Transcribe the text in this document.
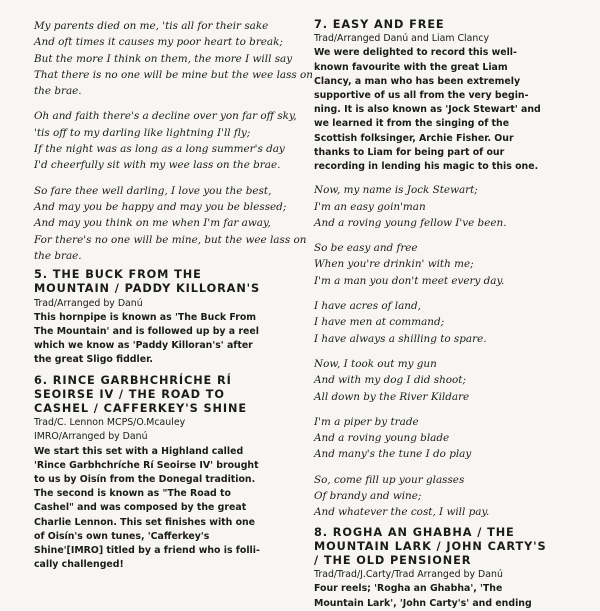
My parents died on me, 'tis all for their sake
And oft times it causes my poor heart to break;
But the more I think on them, the more I will say
That there is no one will be mine but the wee lass on
the brae.

Oh and faith there's a decline over yon far off sky,
'tis off to my darling like lightning I'll fly;
If the night was as long as a long summer's day
I'd cheerfully sit with my wee lass on the brae.

So fare thee well darling, I love you the best,
And may you be happy and may you be blessed;
And may you think on me when I'm far away,
For there's no one will be mine, but the wee lass on
the brae.

5. THE BUCK FROM THE
MOUNTAIN / PADDY KILLORAN'S

Trad/Arranged by Danú

This hornpipe is known as 'The Buck From
The Mountain' and is followed up by a reel
which we know as 'Paddy Killoran's' after
the great Sligo fiddler.

6. RINCE GARBHCHRÍCHE RÍ
SEOIRSE IV / THE ROAD TO
CASHEL / CAFFERKEY'S SHINE

Trad/C. Lennon MCPS/O.Mcauley
IMRO/Arranged by Danú

We start this set with a Highland called
'Rince Garbhchríche Rí Seoirse IV' brought
to us by Oisín from the Donegal tradition.
The second is known as "The Road to
Cashel" and was composed by the great
Charlie Lennon. This set finishes with one
of Oisín's own tunes, 'Cafferkey's
Shine'[IMRO] titled by a friend who is folli-
cally challenged!

7. EASY AND FREE

Trad/Arranged Danú and Liam Clancy

We were delighted to record this well-
known favourite with the great Liam
Clancy, a man who has been extremely
supportive of us all from the very begin-
ning. It is also known as 'Jock Stewart' and
we learned it from the singing of the
Scottish folksinger, Archie Fisher. Our
thanks to Liam for being part of our
recording in lending his magic to this one.

Now, my name is Jock Stewart;
I'm an easy goin'man
And a roving young fellow I've been.

So be easy and free
When you're drinkin' with me;
I'm a man you don't meet every day.

I have acres of land,
I have men at command;
I have always a shilling to spare.

Now, I took out my gun
And with my dog I did shoot;
All down by the River Kildare

I'm a piper by trade
And a roving young blade
And many's the tune I do play

So, come fill up your glasses
Of brandy and wine;
And whatever the cost, I will pay.

8. ROGHA AN GHABHA / THE
MOUNTAIN LARK / JOHN CARTY'S
/ THE OLD PENSIONER

Trad/Trad/J.Carty/Trad Arranged by Danú

Four reels; 'Rogha an Ghabha', 'The
Mountain Lark', 'John Carty's' and ending
